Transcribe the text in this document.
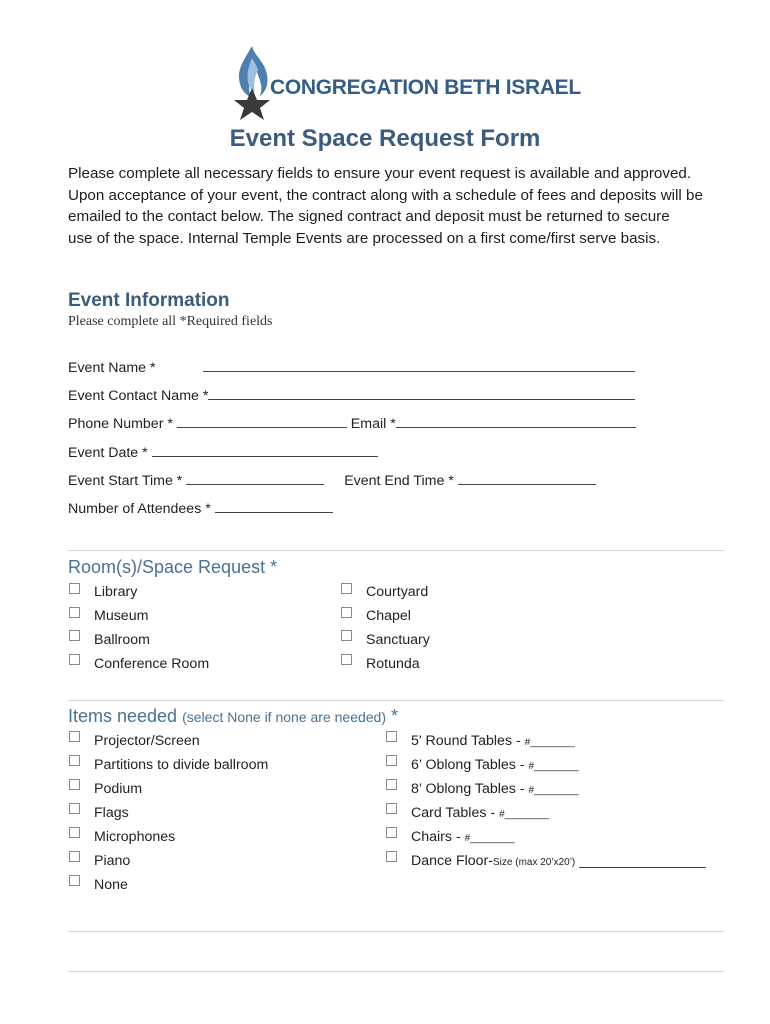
CONGREGATION BETH ISRAEL
Event Space Request Form
Please complete all necessary fields to ensure your event request is available and approved.
Upon acceptance of your event, the contract along with a schedule of fees and deposits will be
emailed to the contact below. The signed contract and deposit must be returned to secure
use of the space. Internal Temple Events are processed on a first come/first serve basis.
Event Information
Please complete all *Required fields
Event Name *
Event Contact Name *
Phone Number *	Email *
Event Date *
Event Start Time *	Event End Time *
Number of Attendees *
Room(s)/Space Request *
Library
Museum
Ballroom
Conference Room
Courtyard
Chapel
Sanctuary
Rotunda
Items needed (select None if none are needed) *
Projector/Screen
Partitions to divide ballroom
Podium
Flags
Microphones
Piano
None
5' Round Tables - #________
6’ Oblong Tables - #________
8’ Oblong Tables - #________
Card Tables - #________
Chairs - #________
Dance Floor-Size (max 20’x20’) ________________
